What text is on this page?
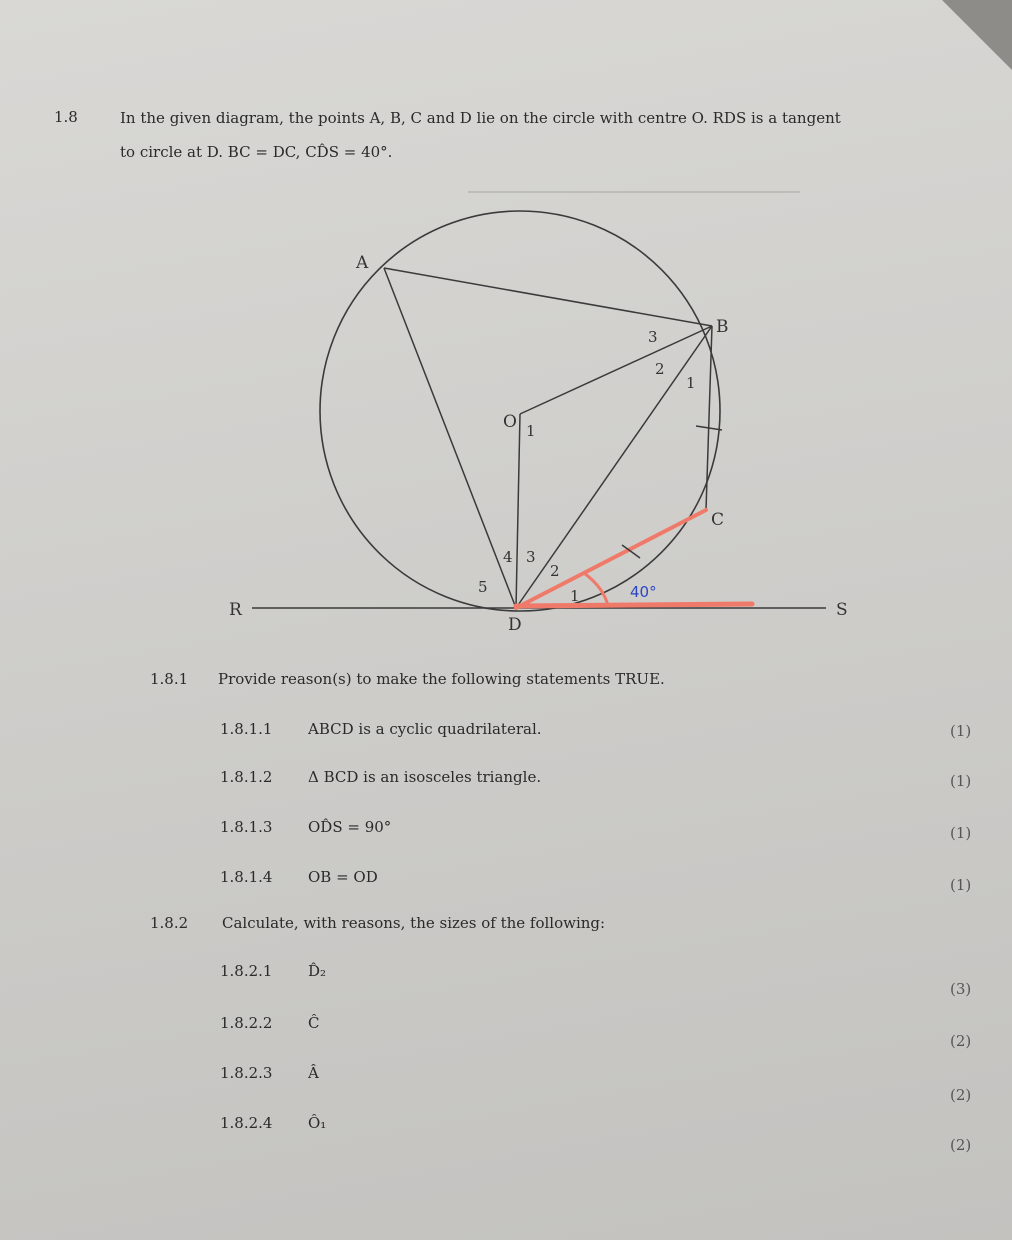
1.8	In the given diagram, the points A, B, C and D lie on the circle with centre O. RDS is a tangent
to circle at D. BC = DC, CD̂S = 40°.
A
B
C
D
O
R	S
3
2
1
1
4 3
2
1
5	40°
1.8.1 Provide reason(s) to make the following statements TRUE.
1.8.1.1 ABCD is a cyclic quadrilateral.	(1)
1.8.1.2 Δ BCD is an isosceles triangle.	(1)
1.8.1.3 OD̂S = 90°	(1)
1.8.1.4 OB = OD	(1)
1.8.2 Calculate, with reasons, the sizes of the following:
1.8.2.1 D̂₂
(3)
1.8.2.2 Ĉ
(2)
1.8.2.3 Â
(2)
1.8.2.4 Ô₁
(2)
